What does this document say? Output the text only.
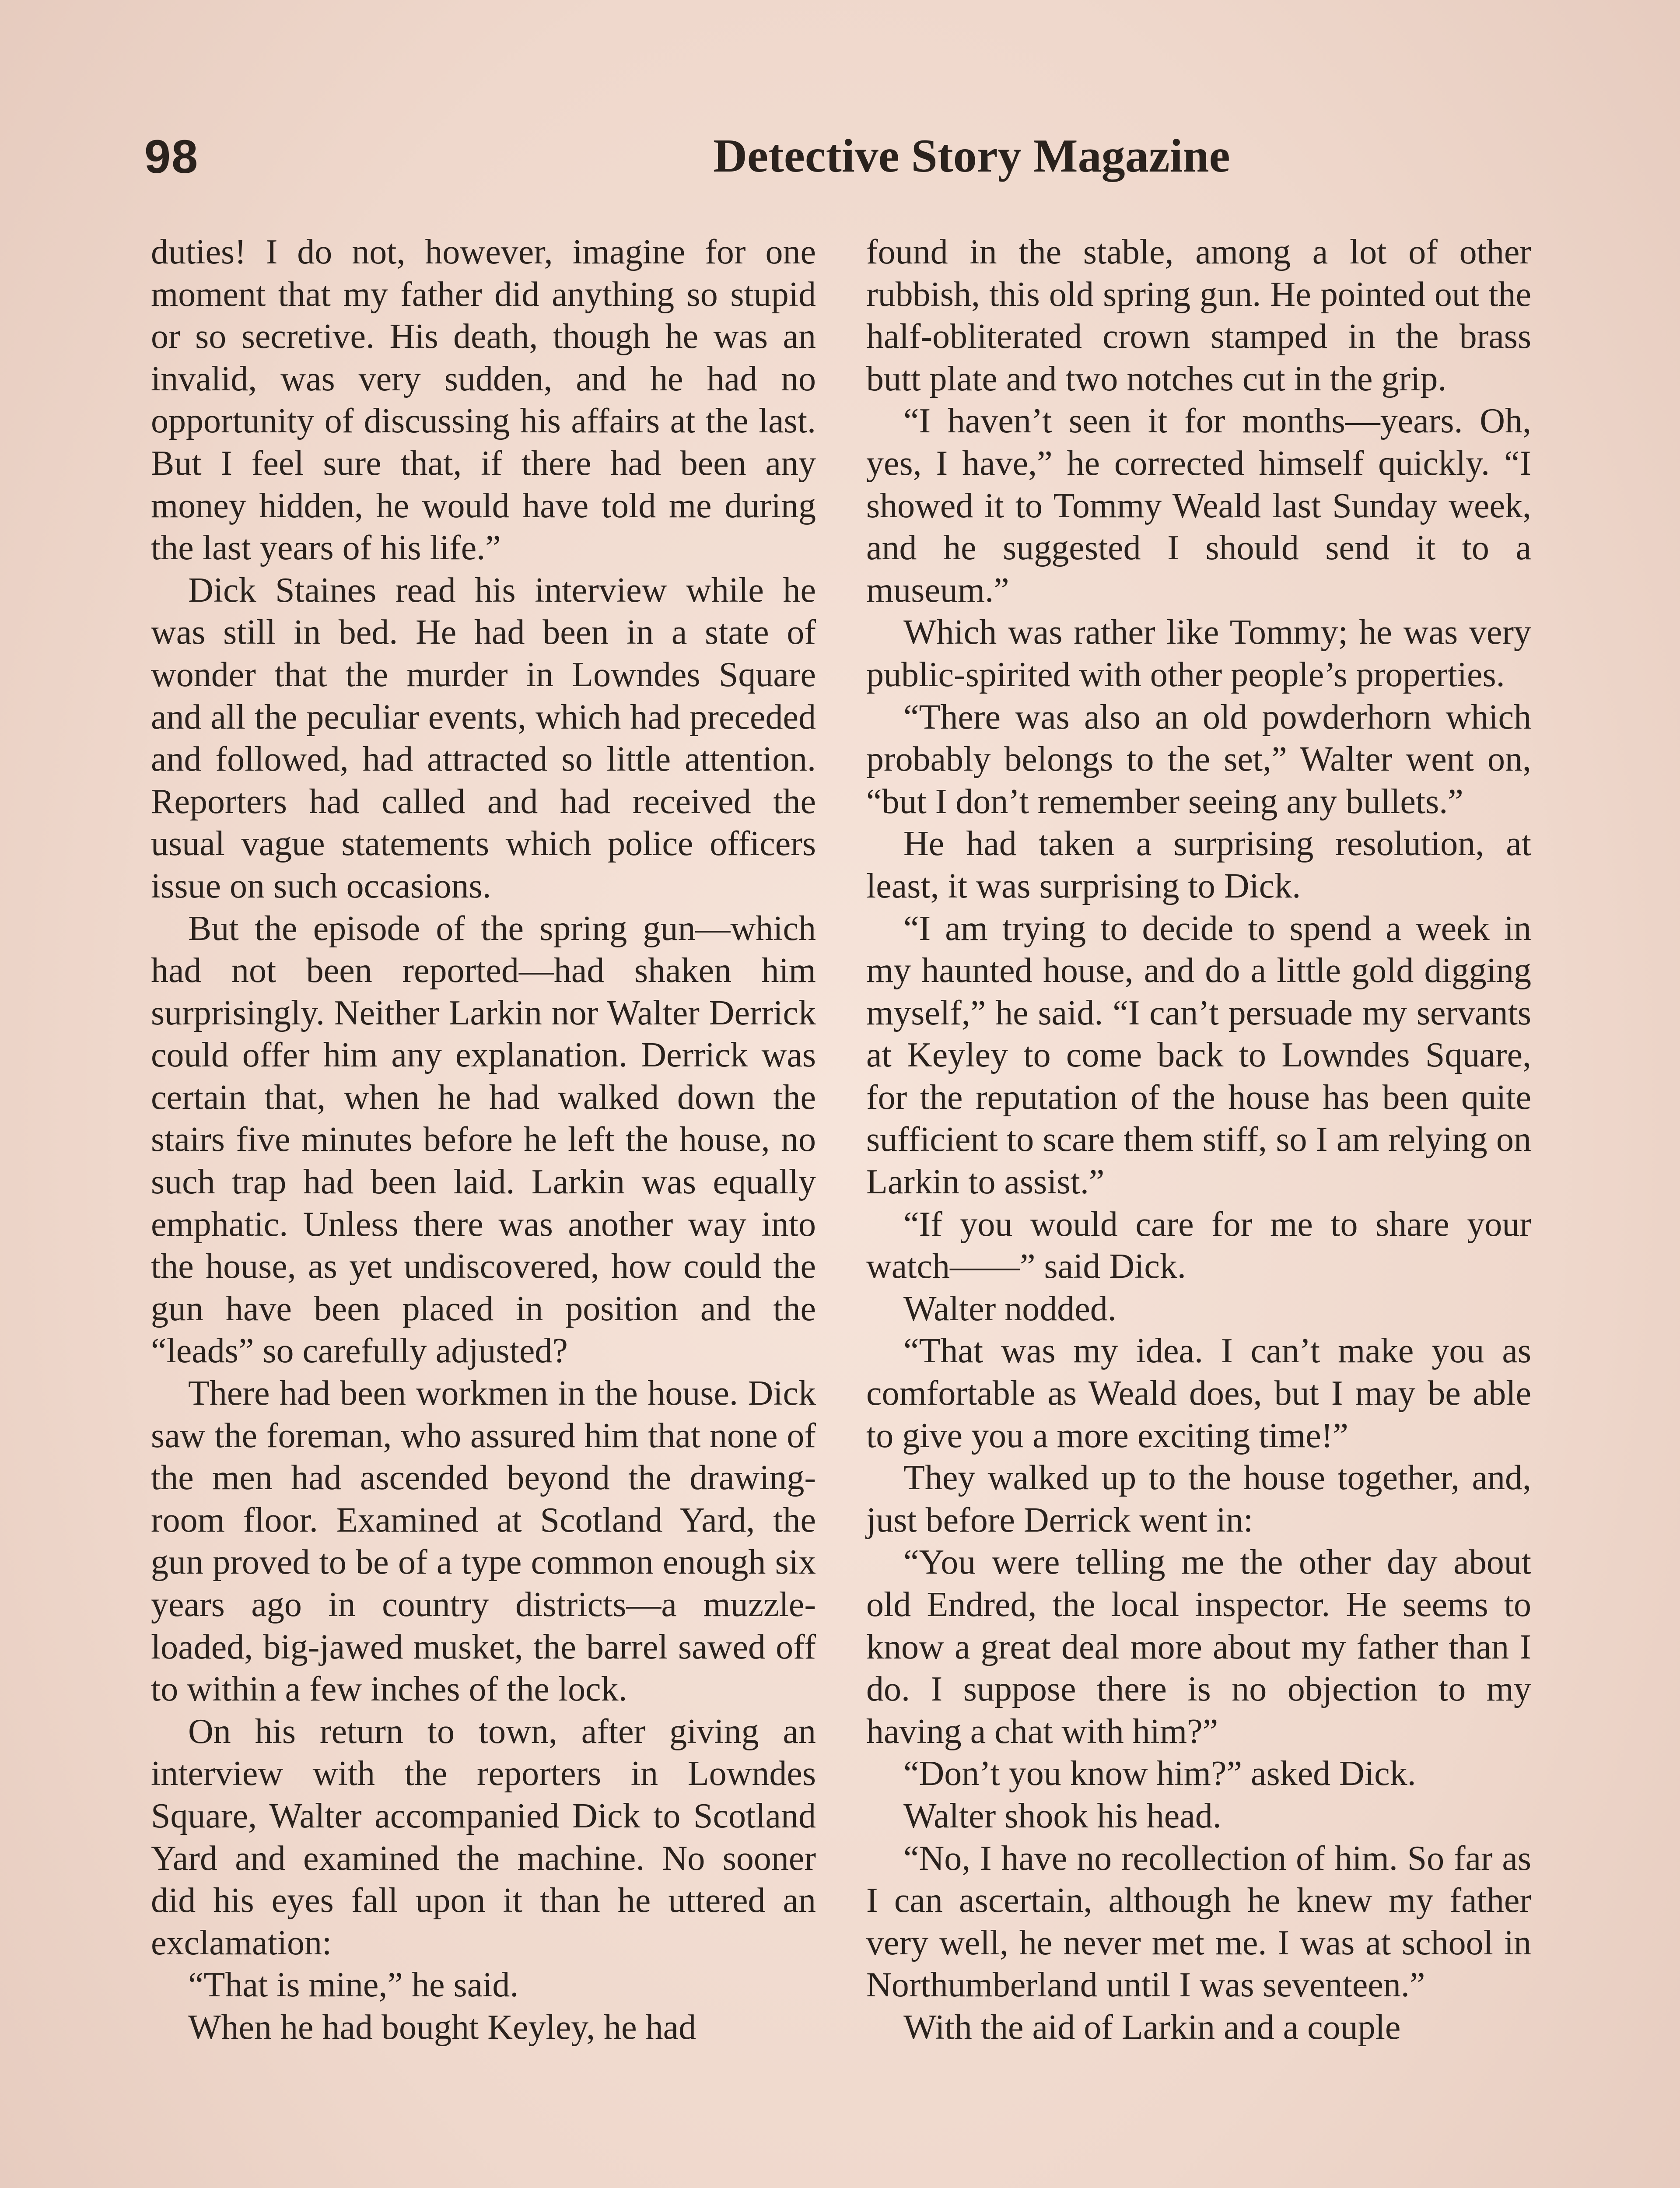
98	Detective Story Magazine

duties! I do not, however, imagine for one moment that my father did anything so stupid or so secretive. His death, though he was an invalid, was very sudden, and he had no opportunity of discussing his affairs at the last. But I feel sure that, if there had been any money hidden, he would have told me during the last years of his life.”

Dick Staines read his interview while he was still in bed. He had been in a state of wonder that the murder in Lowndes Square and all the peculiar events, which had preceded and followed, had attracted so little attention. Reporters had called and had received the usual vague statements which police officers issue on such occasions.

But the episode of the spring gun—which had not been reported—had shaken him surprisingly. Neither Larkin nor Walter Derrick could offer him any explanation. Derrick was certain that, when he had walked down the stairs five minutes before he left the house, no such trap had been laid. Larkin was equally emphatic. Unless there was another way into the house, as yet undiscovered, how could the gun have been placed in position and the “leads” so carefully adjusted?

There had been workmen in the house. Dick saw the foreman, who assured him that none of the men had ascended beyond the drawing-room floor. Examined at Scotland Yard, the gun proved to be of a type common enough six years ago in country districts—a muzzle-loaded, big-jawed musket, the barrel sawed off to within a few inches of the lock.

On his return to town, after giving an interview with the reporters in Lowndes Square, Walter accompanied Dick to Scotland Yard and examined the machine. No sooner did his eyes fall upon it than he uttered an exclamation:

“That is mine,” he said.

When he had bought Keyley, he had

found in the stable, among a lot of other rubbish, this old spring gun. He pointed out the half-obliterated crown stamped in the brass butt plate and two notches cut in the grip.

“I haven’t seen it for months—years. Oh, yes, I have,” he corrected himself quickly. “I showed it to Tommy Weald last Sunday week, and he suggested I should send it to a museum.”

Which was rather like Tommy; he was very public-spirited with other people’s properties.

“There was also an old powderhorn which probably belongs to the set,” Walter went on, “but I don’t remember seeing any bullets.”

He had taken a surprising resolution, at least, it was surprising to Dick.

“I am trying to decide to spend a week in my haunted house, and do a little gold digging myself,” he said. “I can’t persuade my servants at Keyley to come back to Lowndes Square, for the reputation of the house has been quite sufficient to scare them stiff, so I am relying on Larkin to assist.”

“If you would care for me to share your watch——” said Dick.

Walter nodded.

“That was my idea. I can’t make you as comfortable as Weald does, but I may be able to give you a more exciting time!”

They walked up to the house together, and, just before Derrick went in:

“You were telling me the other day about old Endred, the local inspector. He seems to know a great deal more about my father than I do. I suppose there is no objection to my having a chat with him?”

“Don’t you know him?” asked Dick.

Walter shook his head.

“No, I have no recollection of him. So far as I can ascertain, although he knew my father very well, he never met me. I was at school in Northumberland until I was seventeen.”

With the aid of Larkin and a couple
